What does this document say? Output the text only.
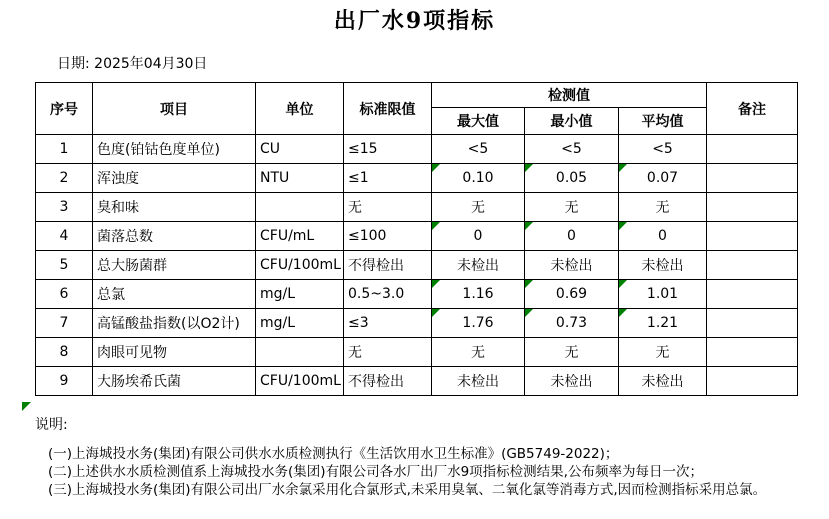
出厂水9项指标
日期: 2025年04月30日
序号	项目	单位	标准限值	检测值			备注
				最大值	最小值	平均值	
1	色度(铂钴色度单位)	CU	≤15	<5	<5	<5	
2	浑浊度	NTU	≤1	0.10	0.05	0.07	
3	臭和味		无	无	无	无	
4	菌落总数	CFU/mL	≤100	0	0	0	
5	总大肠菌群	CFU/100mL	不得检出	未检出	未检出	未检出	
6	总氯	mg/L	0.5~3.0	1.16	0.69	1.01	
7	高锰酸盐指数(以O2计)	mg/L	≤3	1.76	0.73	1.21	
8	肉眼可见物		无	无	无	无	
9	大肠埃希氏菌	CFU/100mL	不得检出	未检出	未检出	未检出	
说明:
(一)上海城投水务(集团)有限公司供水水质检测执行《生活饮用水卫生标准》(GB5749-2022)；
(二)上述供水水质检测值系上海城投水务(集团)有限公司各水厂出厂水9项指标检测结果,公布频率为每日一次；
(三)上海城投水务(集团)有限公司出厂水余氯采用化合氯形式,未采用臭氧、二氧化氯等消毒方式,因而检测指标采用总氯。
